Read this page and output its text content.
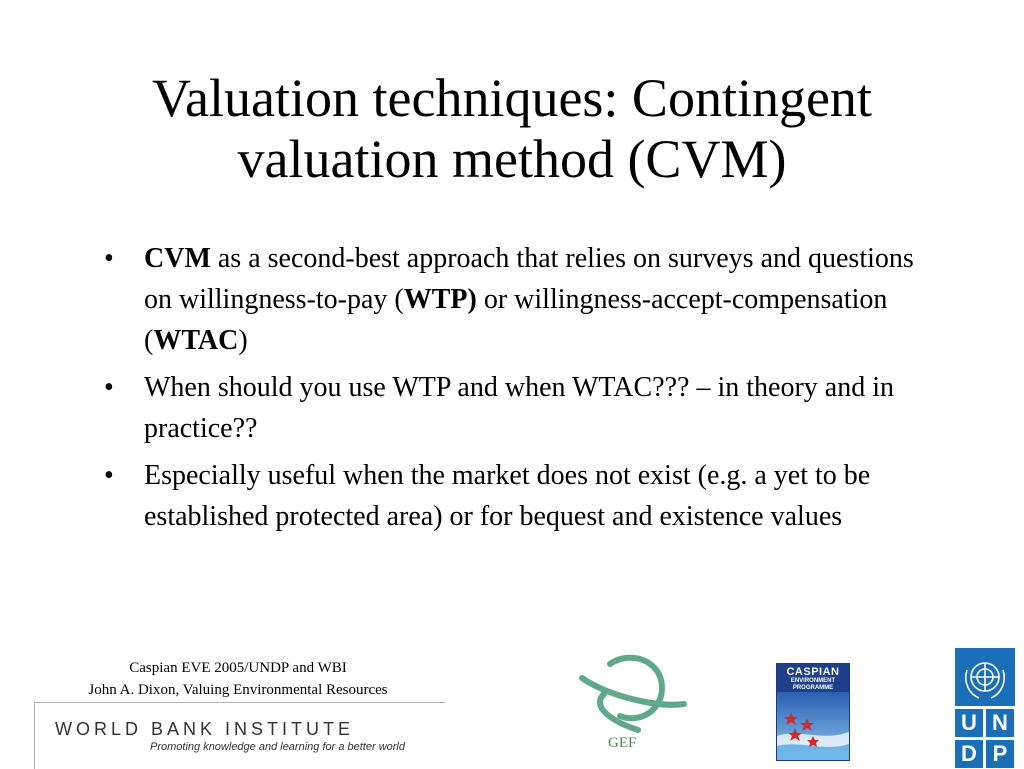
Valuation techniques: Contingent
valuation method (CVM)
• CVM as a second-best approach that relies on surveys and questions on willingness-to-pay (WTP) or willingness-accept-compensation (WTAC)
• When should you use WTP and when WTAC??? – in theory and in practice??
• Especially useful when the market does not exist (e.g. a yet to be established protected area) or for bequest and existence values
Caspian EVE 2005/UNDP and WBI
John A. Dixon, Valuing Environmental Resources
WORLD BANK INSTITUTE
Promoting knowledge and learning for a better world	GEF
CASPIAN
ENVIRONMENT
PROGRAMME
U N
D P
